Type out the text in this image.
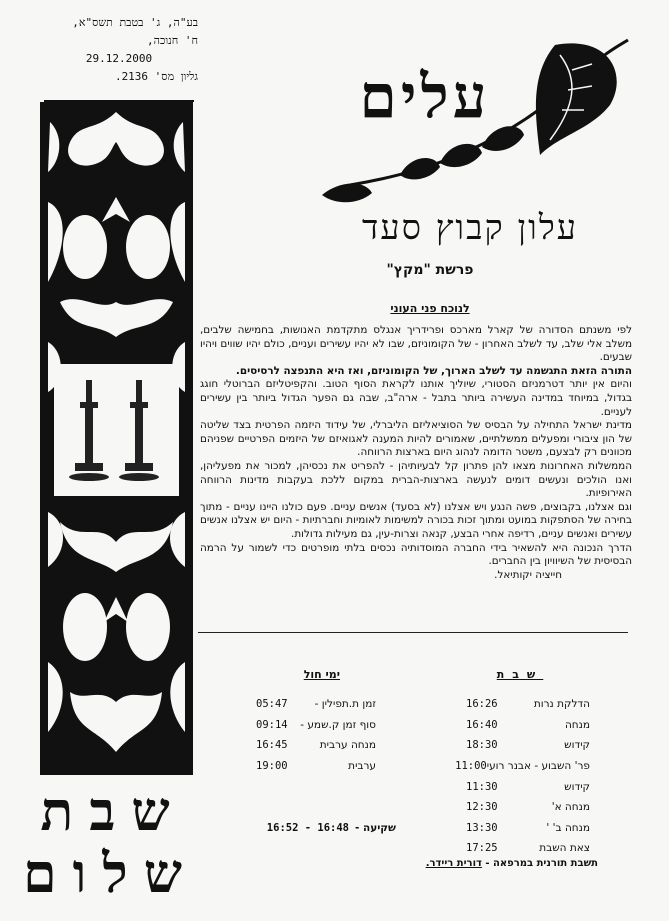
בע"ה, ג' בטבת תשס"א,
ח' חנוכה,
29.12.2000
גליון מס' 2136.
שבת
שלום
עלים
עלון קבוץ סעד
פרשת "מקץ"
לנוכח פני העוני

לפי משנתם הסדורה של קארל מארכס ופרידריך אנגלס מתקדמת האנושות, בחמישה שלבים, משלב אלי שלב, עד לשלב האחרון - של הקומוניזם, שבו לא יהיו עשירים ועניים, כולם יהיו שווים ויהיו שבעים.

התורה הזאת התגשמה עד לשלב הארוך, של הקומוניזם, ואז היא התנפצה לרסיסים.

והיום אין יותר דטרמניזם הסטורי, שיוליך אותנו לקראת הסוף הטוב. והקפיטליזם הברוטלי חוגג בגדול, במיוחד במדינה העשירה ביותר בתבל - ארה"ב, שבה גם הפער הגדול ביותר בין עשירים לעניים.

מדינת ישראל התחילה על הבסיס של הסוציאליזם הליברלי, של עידוד היזמה הפרטית בצד שליטה של הון ציבורי ומפעלים ממשלתיים, שאמורים להיות המענה לאגואיזם של היזמים הפרטיים שפניהם מכוונים רק לבצעם, משטר הדומה לנהוג היום בארצות הרווחה.

הממשלות האחרונות מצאו להן פתרון קל לבעיותיהן - להפריט את נכסיהן, למכור את מפעליהן, ואנו הולכים ונעשים דומים לנעשה בארצות-הברית במקום ללכת בעקבות מדינות הרווחה האירופיות.

וגם אצלנו, בקבוצים, פשה הנגע ויש אצלנו (לא בסעד) אנשים עניים. פעם כולנו היינו עניים - מתוך בחירה של הסתפקות במועט ומתוך זכות בכורה למשימות לאומיות וחברתיות - היום יש אצלנו אנשים עשירים ואנשים עניים, רדיפה אחרי הבצע, קנאה וצרות-עין, גם מעילות גדולות.

הדרך הנכונה היא להשאיר בידי החברה המוסדותיה נכסים בלתי מופרטים כדי לשמור על הרמה הבסיסית של השיוויון בין החברים.

חייציה יקותיאל.

שבת
ימי חול
הדלקת נרות
16:26
מנחה
16:40
קידוש
18:30
פר' השבוע - אבנר רועי
11:00
קידוש
11:30
מנחה א'
12:30
מנחה ב' '
13:30
צאת השבת
17:25
זמן ת.תפילין -
05:47
סוף זמן ק.שמע -
09:14
מנחה ערבית
16:45
ערבית
19:00
שקיעה -
16:48 - 16:52
תשבת תורנית במרפאה - דורית ריידר.
